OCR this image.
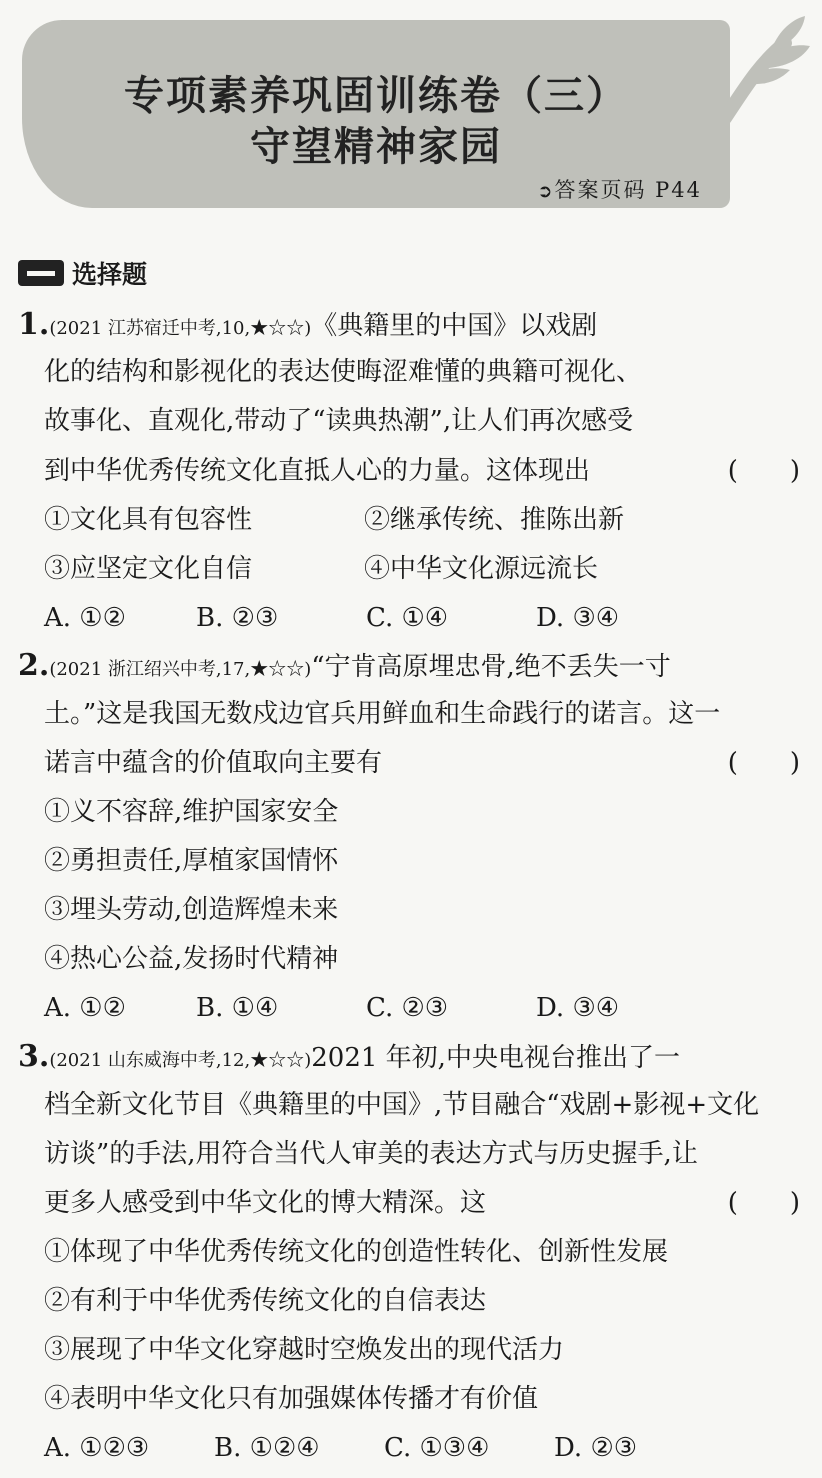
专项素养巩固训练卷（三）
守望精神家园
➲答案页码 P44
选择题
1.(2021 江苏宿迁中考,10,★☆☆)《典籍里的中国》以戏剧
化的结构和影视化的表达使晦涩难懂的典籍可视化、
故事化、直观化,带动了“读典热潮”,让人们再次感受
到中华优秀传统文化直抵人心的力量。这体现出	(　　)
①文化具有包容性	②继承传统、推陈出新
③应坚定文化自信	④中华文化源远流长
A. ①②	B. ②③	C. ①④	D. ③④
2.(2021 浙江绍兴中考,17,★☆☆)“宁肯高原埋忠骨,绝不丢失一寸
土。”这是我国无数戍边官兵用鲜血和生命践行的诺言。这一
诺言中蕴含的价值取向主要有	(　　)
①义不容辞,维护国家安全
②勇担责任,厚植家国情怀
③埋头劳动,创造辉煌未来
④热心公益,发扬时代精神
A. ①②	B. ①④	C. ②③	D. ③④
3.(2021 山东威海中考,12,★☆☆)2021 年初,中央电视台推出了一
档全新文化节目《典籍里的中国》,节目融合“戏剧+影视+文化
访谈”的手法,用符合当代人审美的表达方式与历史握手,让
更多人感受到中华文化的博大精深。这	(　　)
①体现了中华优秀传统文化的创造性转化、创新性发展
②有利于中华优秀传统文化的自信表达
③展现了中华文化穿越时空焕发出的现代活力
④表明中华文化只有加强媒体传播才有价值
A. ①②③ B. ①②④ C. ①③④ D. ②③
